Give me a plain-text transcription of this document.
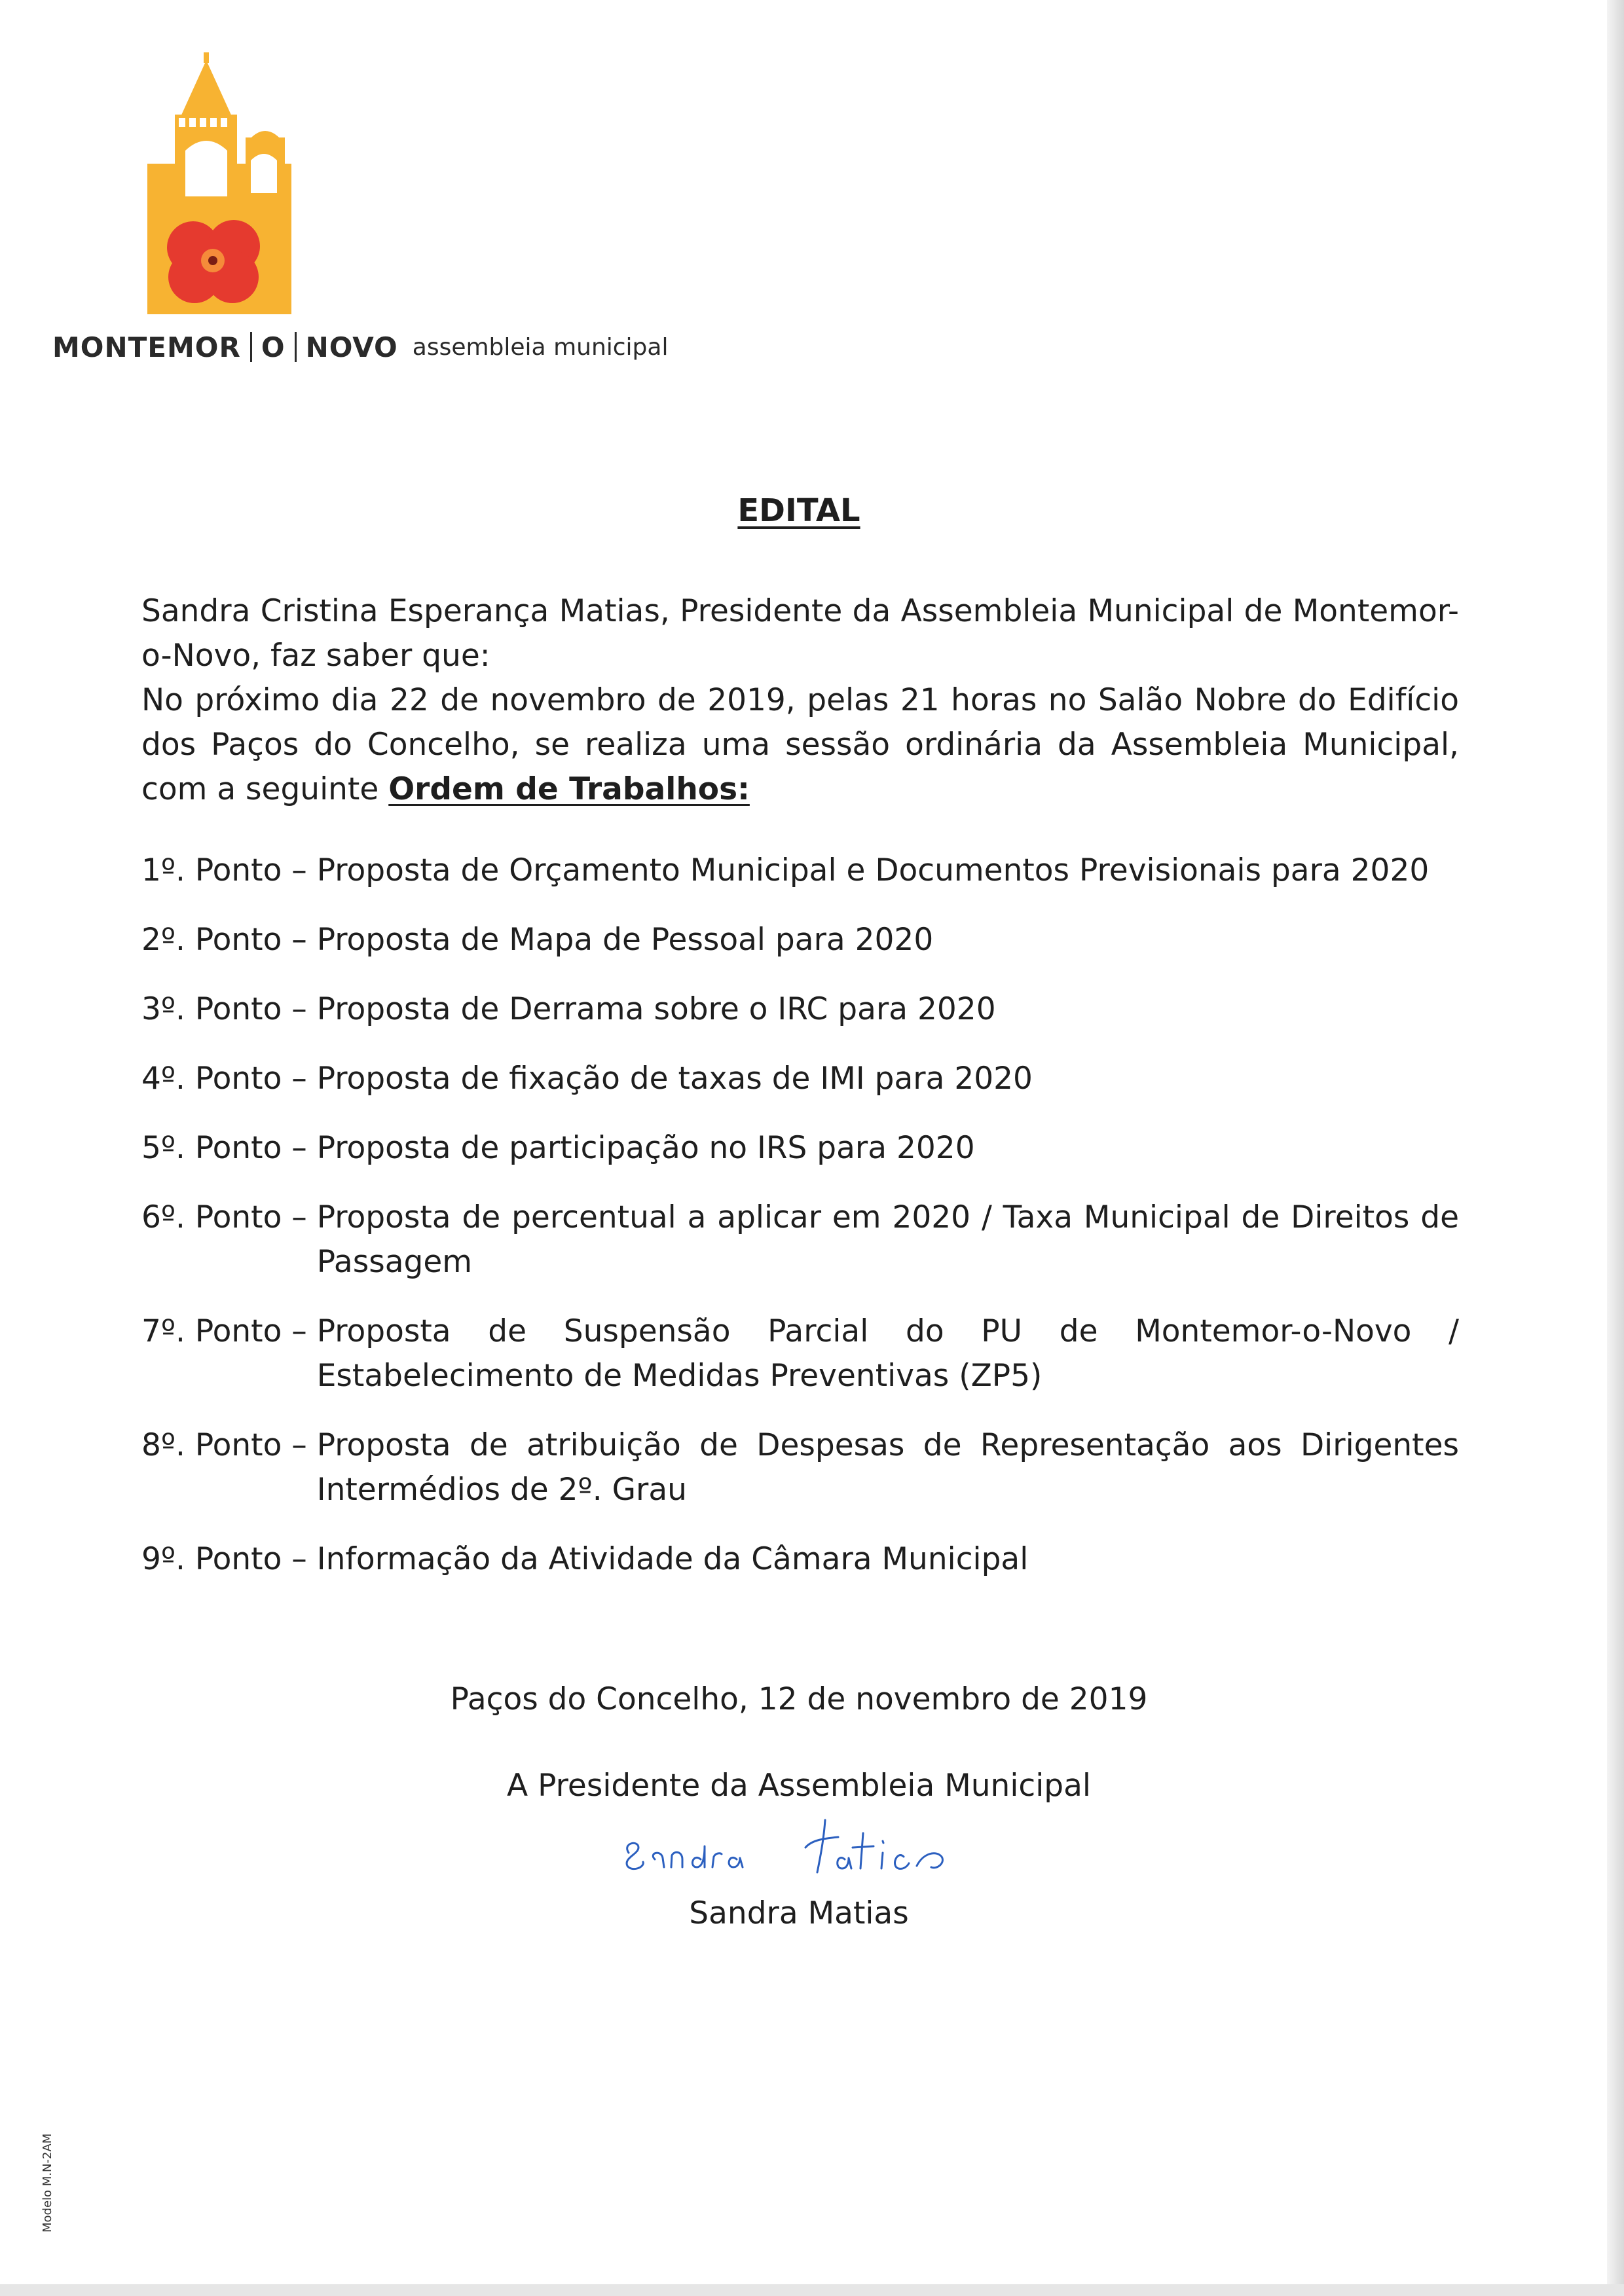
MONTEMOR O NOVO assembleia municipal
EDITAL
Sandra Cristina Esperança Matias, Presidente da Assembleia Municipal de Montemor-o-Novo, faz saber que:
No próximo dia 22 de novembro de 2019, pelas 21 horas no Salão Nobre do Edifício dos Paços do Concelho, se realiza uma sessão ordinária da Assembleia Municipal, com a seguinte Ordem de Trabalhos:
1º. Ponto – Proposta de Orçamento Municipal e Documentos Previsionais para 2020
2º. Ponto – Proposta de Mapa de Pessoal para 2020
3º. Ponto – Proposta de Derrama sobre o IRC para 2020
4º. Ponto – Proposta de fixação de taxas de IMI para 2020
5º. Ponto – Proposta de participação no IRS para 2020
6º. Ponto – Proposta de percentual a aplicar em 2020 / Taxa Municipal de Direitos de Passagem
7º. Ponto – Proposta de Suspensão Parcial do PU de Montemor-o-Novo / Estabelecimento de Medidas Preventivas (ZP5)
8º. Ponto – Proposta de atribuição de Despesas de Representação aos Dirigentes Intermédios de 2º. Grau
9º. Ponto – Informação da Atividade da Câmara Municipal
Paços do Concelho, 12 de novembro de 2019
A Presidente da Assembleia Municipal
Sandra Matias
Modelo M.N-2AM
